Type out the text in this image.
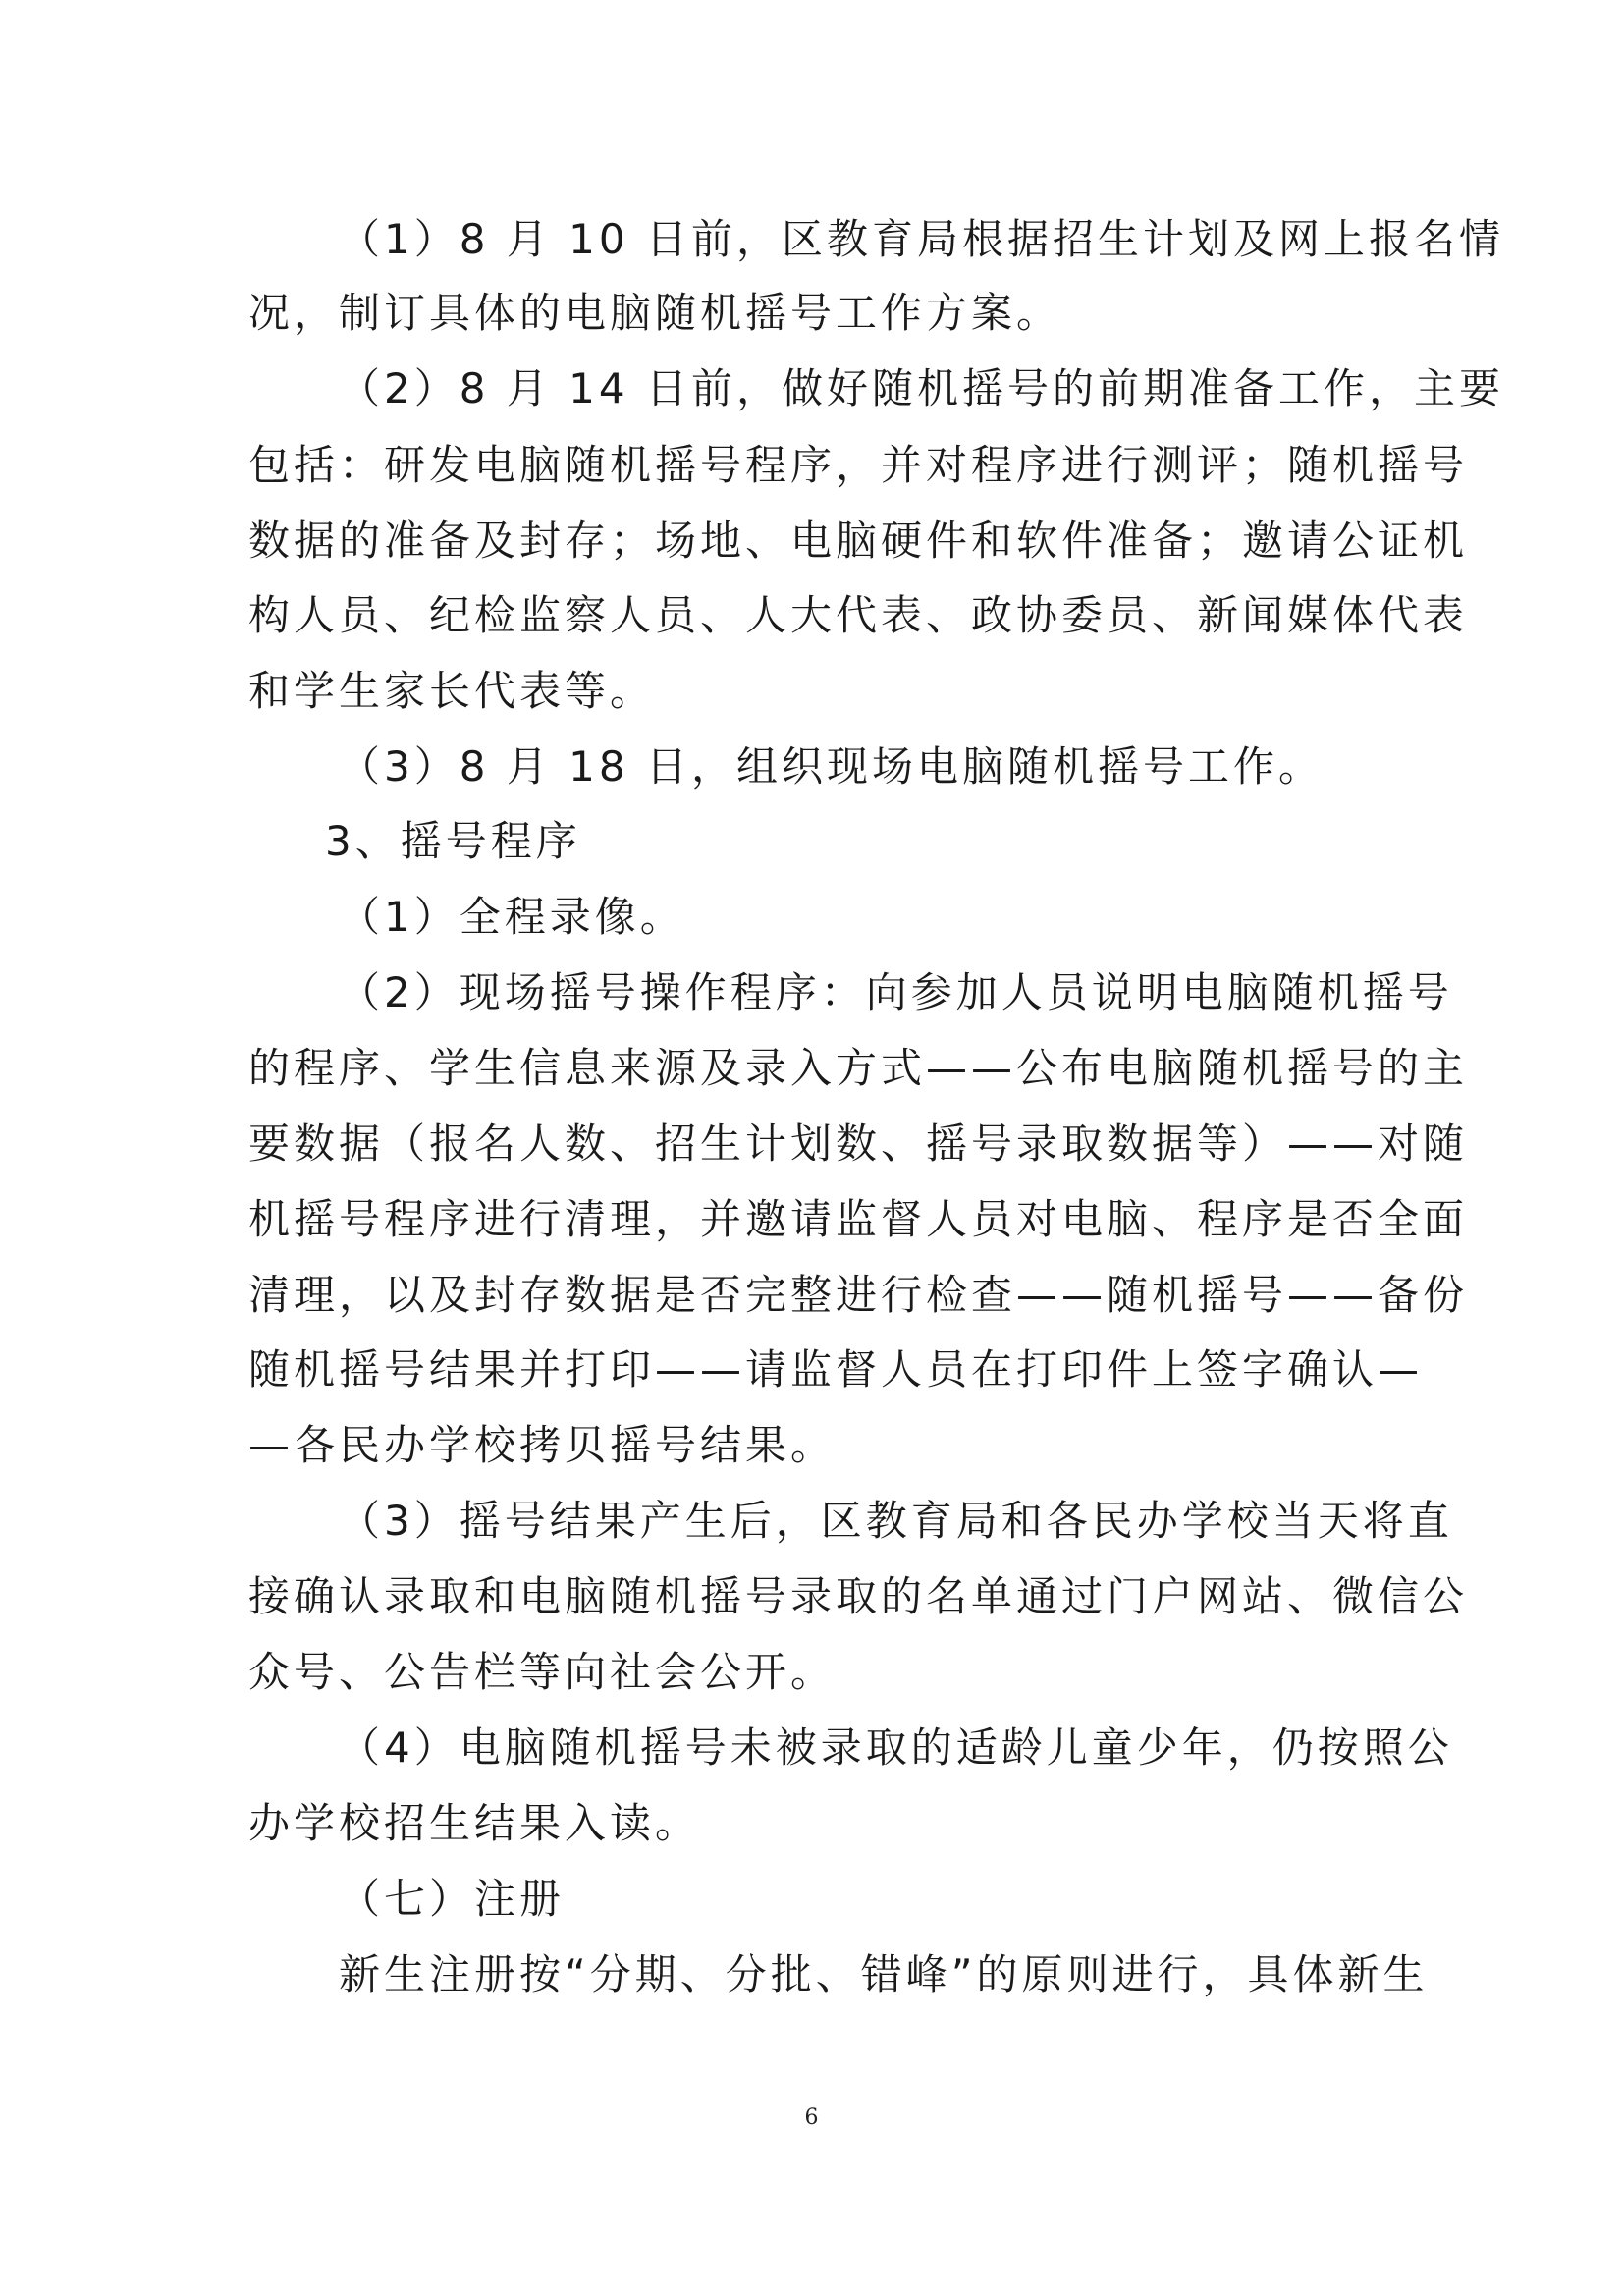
（1）8 月 10 日前，区教育局根据招生计划及网上报名情
况，制订具体的电脑随机摇号工作方案。
（2）8 月 14 日前，做好随机摇号的前期准备工作，主要
包括：研发电脑随机摇号程序，并对程序进行测评；随机摇号
数据的准备及封存；场地、电脑硬件和软件准备；邀请公证机
构人员、纪检监察人员、人大代表、政协委员、新闻媒体代表
和学生家长代表等。
（3）8 月 18 日，组织现场电脑随机摇号工作。
3、摇号程序
（1）全程录像。
（2）现场摇号操作程序：向参加人员说明电脑随机摇号
的程序、学生信息来源及录入方式——公布电脑随机摇号的主
要数据（报名人数、招生计划数、摇号录取数据等）——对随
机摇号程序进行清理，并邀请监督人员对电脑、程序是否全面
清理，以及封存数据是否完整进行检查——随机摇号——备份
随机摇号结果并打印——请监督人员在打印件上签字确认—
—各民办学校拷贝摇号结果。
（3）摇号结果产生后，区教育局和各民办学校当天将直
接确认录取和电脑随机摇号录取的名单通过门户网站、微信公
众号、公告栏等向社会公开。
（4）电脑随机摇号未被录取的适龄儿童少年，仍按照公
办学校招生结果入读。
（七）注册
新生注册按“分期、分批、错峰”的原则进行，具体新生
6
